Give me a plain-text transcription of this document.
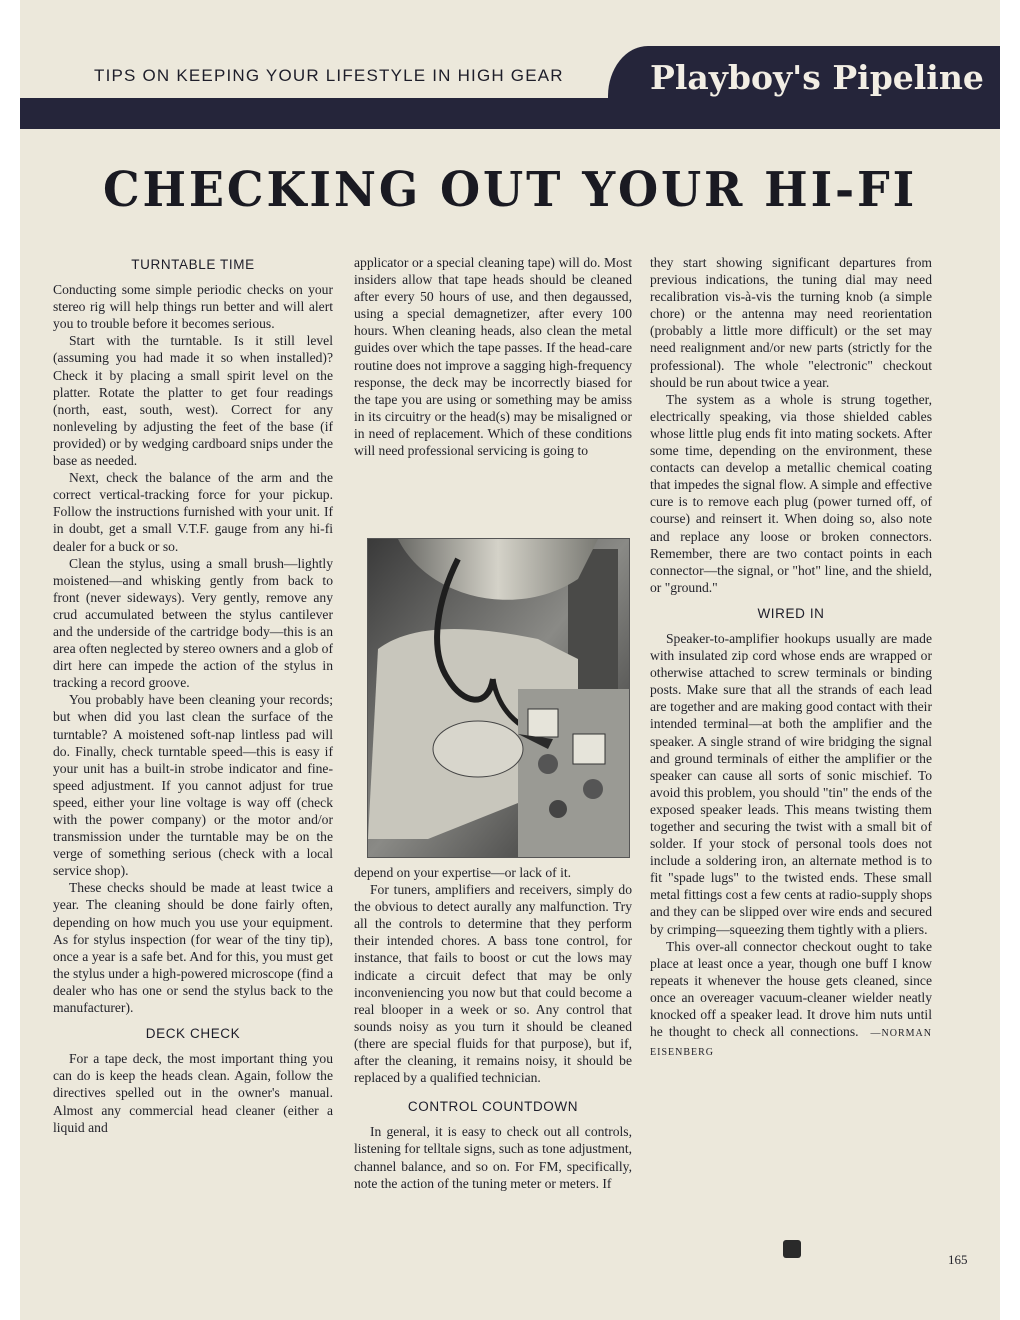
TIPS ON KEEPING YOUR LIFESTYLE IN HIGH GEAR	Playboy's Pipeline
CHECKING OUT YOUR HI-FI
TURNTABLE TIME

Conducting some simple periodic checks on your stereo rig will help things run better and will alert you to trouble before it becomes serious.

Start with the turntable. Is it still level (assuming you had made it so when installed)? Check it by placing a small spirit level on the platter. Rotate the platter to get four readings (north, east, south, west). Correct for any nonleveling by adjusting the feet of the base (if provided) or by wedging cardboard snips under the base as needed.

Next, check the balance of the arm and the correct vertical-tracking force for your pickup. Follow the instructions furnished with your unit. If in doubt, get a small V.T.F. gauge from any hi-fi dealer for a buck or so.

Clean the stylus, using a small brush—lightly moistened—and whisking gently from back to front (never sideways). Very gently, remove any crud accumulated between the stylus cantilever and the underside of the cartridge body—this is an area often neglected by stereo owners and a glob of dirt here can impede the action of the stylus in tracking a record groove.

You probably have been cleaning your records; but when did you last clean the surface of the turntable? A moistened soft-nap lintless pad will do. Finally, check turntable speed—this is easy if your unit has a built-in strobe indicator and fine-speed adjustment. If you cannot adjust for true speed, either your line voltage is way off (check with the power company) or the motor and/or transmission under the turntable may be on the verge of something serious (check with a local service shop).

These checks should be made at least twice a year. The cleaning should be done fairly often, depending on how much you use your equipment. As for stylus inspection (for wear of the tiny tip), once a year is a safe bet. And for this, you must get the stylus under a high-powered microscope (find a dealer who has one or send the stylus back to the manufacturer).

DECK CHECK

For a tape deck, the most important thing you can do is keep the heads clean. Again, follow the directives spelled out in the owner's manual. Almost any commercial head cleaner (either a liquid and

applicator or a special cleaning tape) will do. Most insiders allow that tape heads should be cleaned after every 50 hours of use, and then degaussed, using a special demagnetizer, after every 100 hours. When cleaning heads, also clean the metal guides over which the tape passes. If the head-care routine does not improve a sagging high-frequency response, the deck may be incorrectly biased for the tape you are using or something may be amiss in its circuitry or the head(s) may be misaligned or in need of replacement. Which of these conditions will need professional servicing is going to

depend on your expertise—or lack of it.

For tuners, amplifiers and receivers, simply do the obvious to detect aurally any malfunction. Try all the controls to determine that they perform their intended chores. A bass tone control, for instance, that fails to boost or cut the lows may indicate a circuit defect that may be only inconveniencing you now but that could become a real blooper in a week or so. Any control that sounds noisy as you turn it should be cleaned (there are special fluids for that purpose), but if, after the cleaning, it remains noisy, it should be replaced by a qualified technician.

CONTROL COUNTDOWN

In general, it is easy to check out all controls, listening for telltale signs, such as tone adjustment, channel balance, and so on. For FM, specifically, note the action of the tuning meter or meters. If

they start showing significant departures from previous indications, the tuning dial may need recalibration vis-à-vis the turning knob (a simple chore) or the antenna may need reorientation (probably a little more difficult) or the set may need realignment and/or new parts (strictly for the professional). The whole "electronic" checkout should be run about twice a year.

The system as a whole is strung together, electrically speaking, via those shielded cables whose little plug ends fit into mating sockets. After some time, depending on the environment, these contacts can develop a metallic chemical coating that impedes the signal flow. A simple and effective cure is to remove each plug (power turned off, of course) and reinsert it. When doing so, also note and replace any loose or broken connectors. Remember, there are two contact points in each connector—the signal, or "hot" line, and the shield, or "ground."

WIRED IN

Speaker-to-amplifier hookups usually are made with insulated zip cord whose ends are wrapped or otherwise attached to screw terminals or binding posts. Make sure that all the strands of each lead are together and are making good contact with their intended terminal—at both the amplifier and the speaker. A single strand of wire bridging the signal and ground terminals of either the amplifier or the speaker can cause all sorts of sonic mischief. To avoid this problem, you should "tin" the ends of the exposed speaker leads. This means twisting them together and securing the twist with a small bit of solder. If your stock of personal tools does not include a soldering iron, an alternate method is to fit "spade lugs" to the twisted ends. These small metal fittings cost a few cents at radio-supply shops and they can be slipped over wire ends and secured by crimping—squeezing them tightly with a pliers.

This over-all connector checkout ought to take place at least once a year, though one buff I know repeats it whenever the house gets cleaned, since once an overeager vacuum-cleaner wielder neatly knocked off a speaker lead. It drove him nuts until he thought to check all connections. —NORMAN EISENBERG

165
